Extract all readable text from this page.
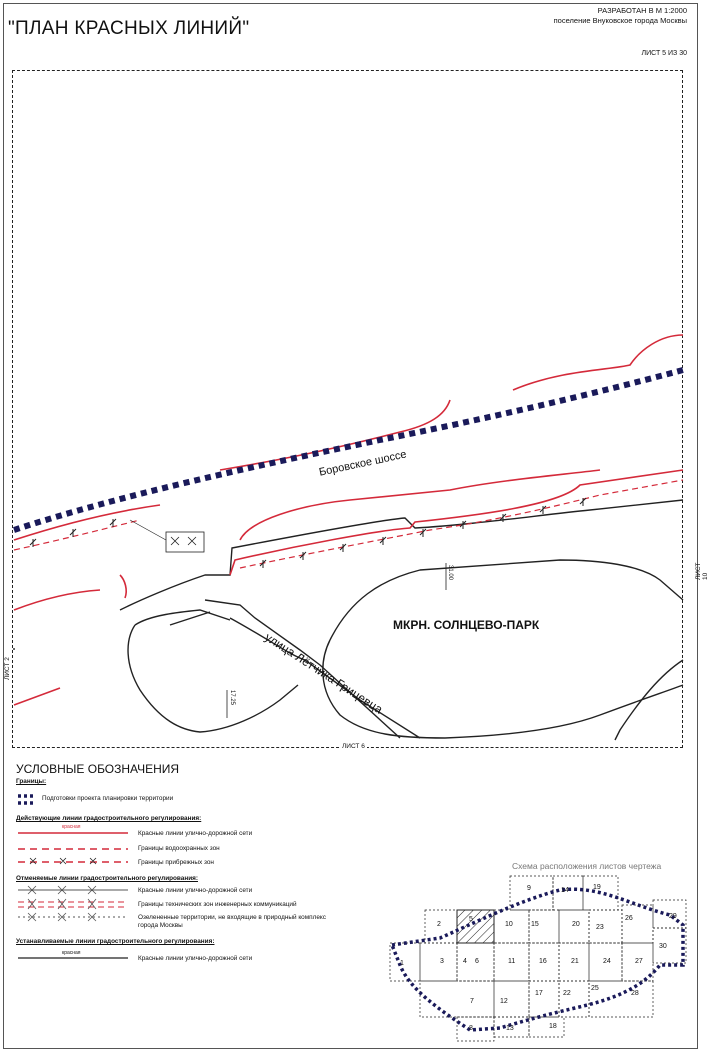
"ПЛАН КРАСНЫХ ЛИНИЙ"
РАЗРАБОТАН В М 1:2000
поселение Внуковское города Москвы
ЛИСТ 5 ИЗ 30
Боровское шоссе
МКРН. СОЛНЦЕВО-ПАРК
улица Лётчика Грицевца
31.00
17.25
ЛИСТ 2
ЛИСТ 10
ЛИСТ 6
УСЛОВНЫЕ ОБОЗНАЧЕНИЯ
Границы:
Подготовки проекта планировки территории
Действующие линии градостроительного регулирования:
красная
Красные линии улично-дорожной сети
Границы водоохранных зон
Границы прибрежных зон
Отменяемые линии градостроительного регулирования:
Красные линии улично-дорожной сети
Границы технических зон инженерных коммуникаций
Озелененные территории, не входящие в природный комплекс
города Москвы
Устанавливаемые линии градостроительного регулирования:
красная
Красные линии улично-дорожной сети
Схема расположения листов чертежа
1
2
3	4
5
6
7
8
9
10
11
12
13
14
15
16
17
18
19
20
21
22
23
24
25
26
27
28
29
30
